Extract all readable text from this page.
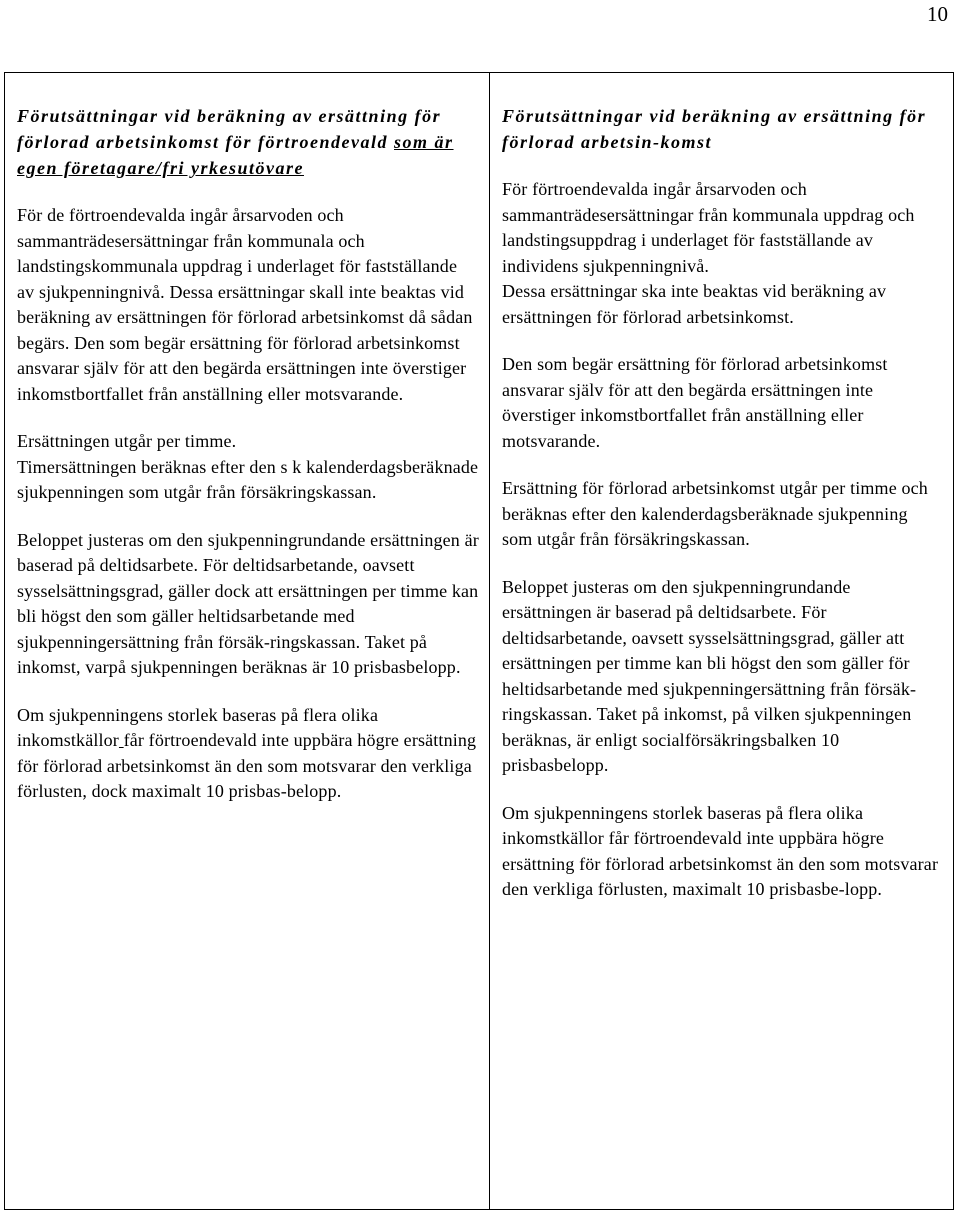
10
Förutsättningar vid beräkning av ersättning för förlorad arbetsinkomst för förtroendevald som är egen företagare/fri yrkesutövare

För de förtroendevalda ingår årsarvoden och sammanträdesersättningar från kommunala och landstingskommunala uppdrag i underlaget för fastställande av sjukpenningnivå. Dessa ersättningar skall inte beaktas vid beräkning av ersättningen för förlorad arbetsinkomst då sådan begärs. Den som begär ersättning för förlorad arbetsinkomst ansvarar själv för att den begärda ersättningen inte överstiger inkomstbortfallet från anställning eller motsvarande.

Ersättningen utgår per timme.

Timersättningen beräknas efter den s k kalenderdagsberäknade sjukpenningen som utgår från försäkringskassan.

Beloppet justeras om den sjukpenningrundande ersättningen är baserad på deltidsarbete. För deltidsarbetande, oavsett sysselsättningsgrad, gäller dock att ersättningen per timme kan bli högst den som gäller heltidsarbetande med sjukpenningersättning från försäk-ringskassan. Taket på inkomst, varpå sjukpenningen beräknas är 10 prisbasbelopp.

Om sjukpenningens storlek baseras på flera olika inkomstkällor får förtroendevald inte uppbära högre ersättning för förlorad arbetsinkomst än den som motsvarar den verkliga förlusten, dock maximalt 10 prisbas-belopp.

Förutsättningar vid beräkning av ersättning för förlorad arbetsin-komst

För förtroendevalda ingår årsarvoden och sammanträdesersättningar från kommunala uppdrag och landstingsuppdrag i underlaget för fastställande av individens sjukpenningnivå.

Dessa ersättningar ska inte beaktas vid beräkning av ersättningen för förlorad arbetsinkomst.

Den som begär ersättning för förlorad arbetsinkomst ansvarar själv för att den begärda ersättningen inte överstiger inkomstbortfallet från anställning eller motsvarande.

Ersättning för förlorad arbetsinkomst utgår per timme och beräknas efter den kalenderdagsberäknade sjukpenning som utgår från försäkringskassan.

Beloppet justeras om den sjukpenningrundande ersättningen är baserad på deltidsarbete. För deltidsarbetande, oavsett sysselsättningsgrad, gäller att ersättningen per timme kan bli högst den som gäller för heltidsarbetande med sjukpenningersättning från försäk-ringskassan. Taket på inkomst, på vilken sjukpenningen beräknas, är enligt socialförsäkringsbalken 10 prisbasbelopp.

Om sjukpenningens storlek baseras på flera olika inkomstkällor får förtroendevald inte uppbära högre ersättning för förlorad arbetsinkomst än den som motsvarar den verkliga förlusten, maximalt 10 prisbasbe-lopp.
